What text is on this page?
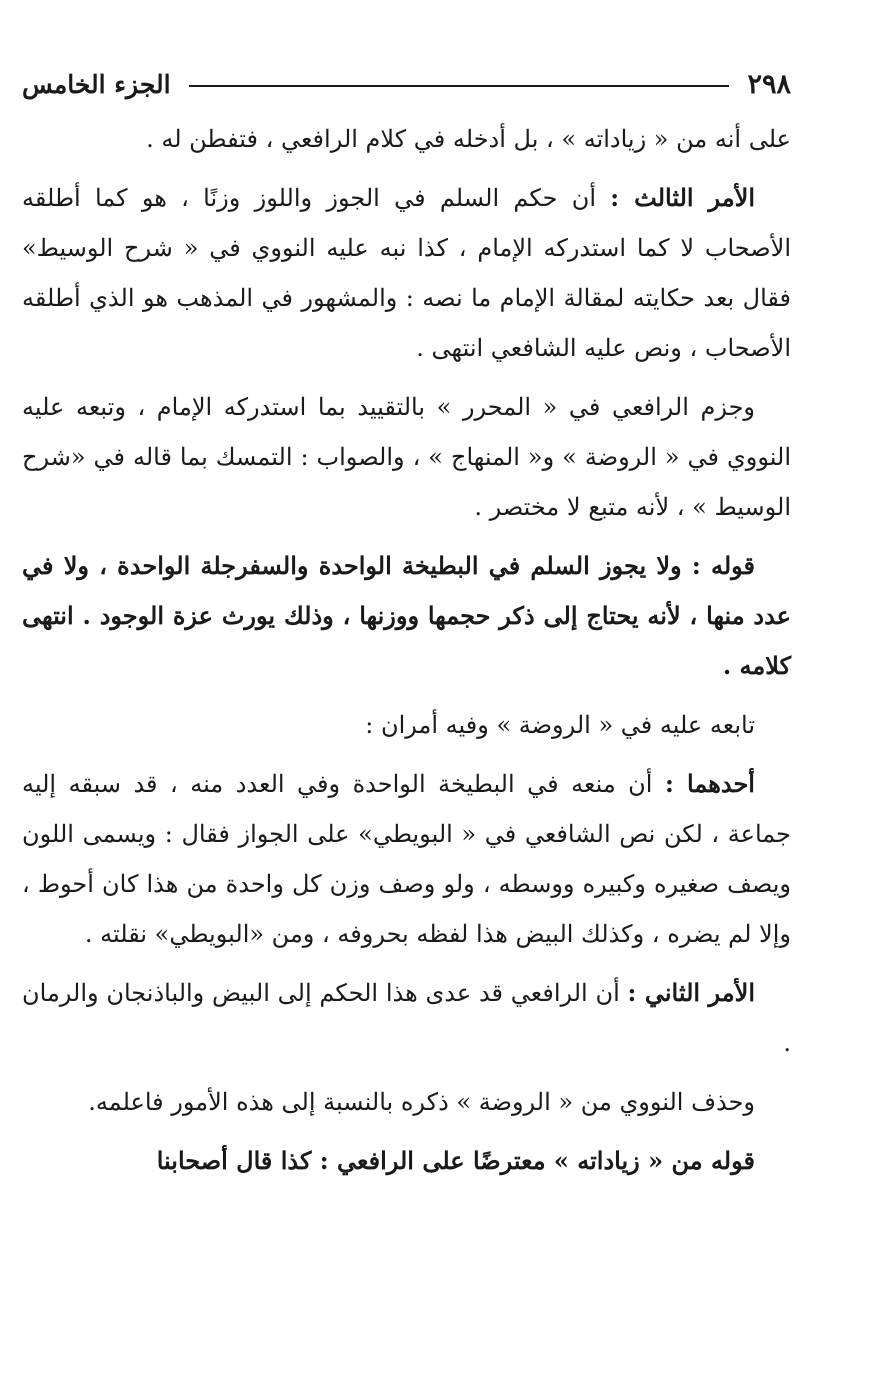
٢٩٨
الجزء الخامس

على أنه من « زياداته » ، بل أدخله في كلام الرافعي ، فتفطن له .

الأمر الثالث : أن حكم السلم في الجوز واللوز وزنًا ، هو كما أطلقه الأصحاب لا كما استدركه الإمام ، كذا نبه عليه النووي في « شرح الوسيط» فقال بعد حكايته لمقالة الإمام ما نصه : والمشهور في المذهب هو الذي أطلقه الأصحاب ، ونص عليه الشافعي انتهى .

وجزم الرافعي في « المحرر » بالتقييد بما استدركه الإمام ، وتبعه عليه النووي في « الروضة » و« المنهاج » ، والصواب : التمسك بما قاله في «شرح الوسيط » ، لأنه متبع لا مختصر .

قوله : ولا يجوز السلم في البطيخة الواحدة والسفرجلة الواحدة ، ولا في عدد منها ، لأنه يحتاج إلى ذكر حجمها ووزنها ، وذلك يورث عزة الوجود . انتهى كلامه .

تابعه عليه في « الروضة » وفيه أمران :

أحدهما : أن منعه في البطيخة الواحدة وفي العدد منه ، قد سبقه إليه جماعة ، لكن نص الشافعي في « البويطي» على الجواز فقال : ويسمى اللون ويصف صغيره وكبيره ووسطه ، ولو وصف وزن كل واحدة من هذا كان أحوط ، وإلا لم يضره ، وكذلك البيض هذا لفظه بحروفه ، ومن «البويطي» نقلته .

الأمر الثاني : أن الرافعي قد عدى هذا الحكم إلى البيض والباذنجان والرمان .

وحذف النووي من « الروضة » ذكره بالنسبة إلى هذه الأمور فاعلمه.

قوله من « زياداته » معترضًا على الرافعي : كذا قال أصحابنا
